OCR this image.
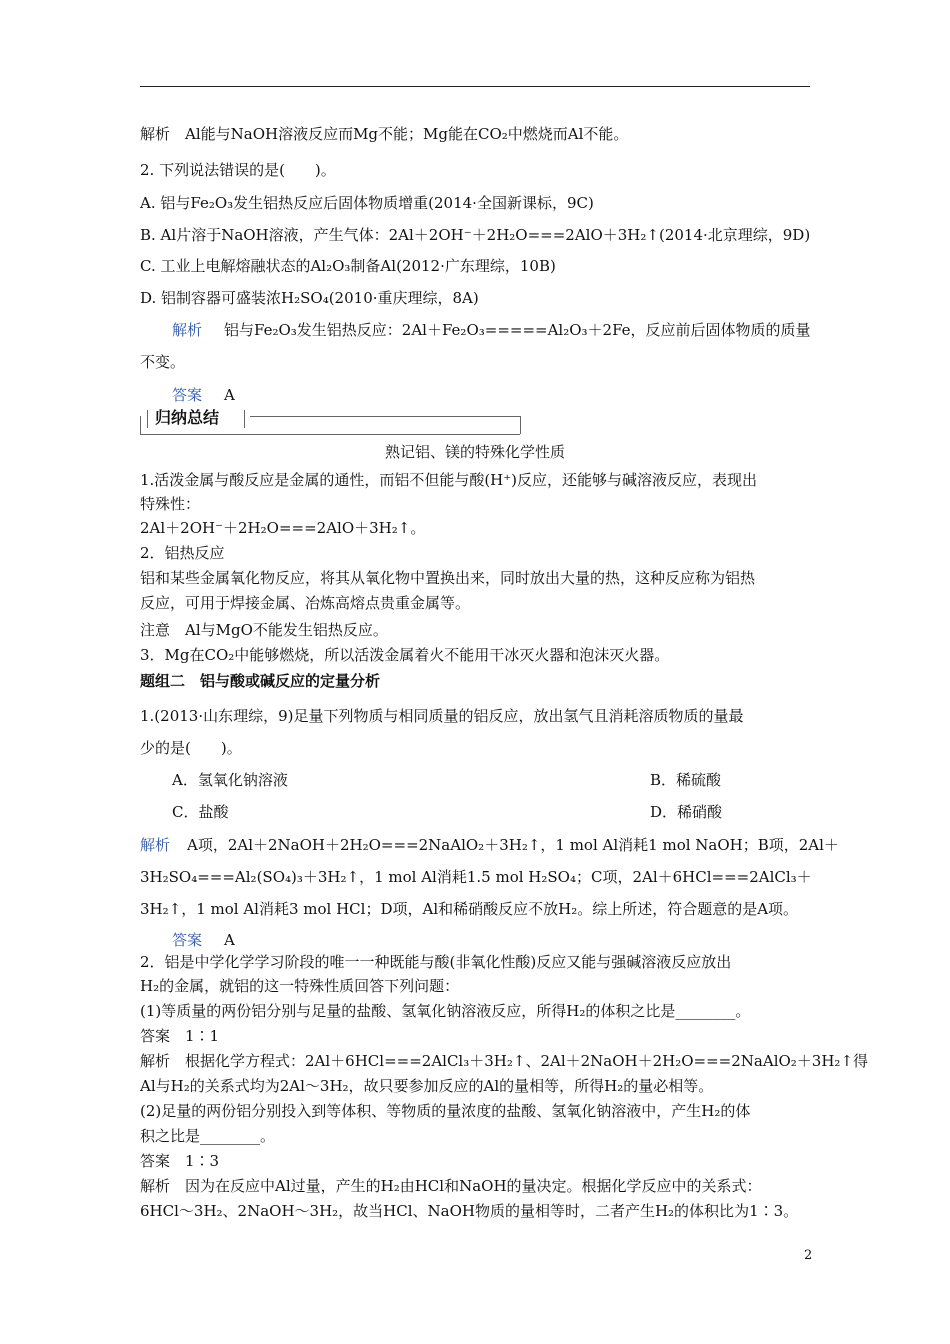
解析　Al能与NaOH溶液反应而Mg不能；Mg能在CO₂中燃烧而Al不能。
2. 下列说法错误的是(　　)。
A. 铝与Fe₂O₃发生铝热反应后固体物质增重(2014·全国新课标，9C)
B. Al片溶于NaOH溶液，产生气体：2Al＋2OH⁻＋2H₂O===2AlO＋3H₂↑(2014·北京理综，9D)
C. 工业上电解熔融状态的Al₂O₃制备Al(2012·广东理综，10B)
D. 铝制容器可盛装浓H₂SO₄(2010·重庆理综，8A)
解析 铝与Fe₂O₃发生铝热反应：2Al＋Fe₂O₃=====Al₂O₃＋2Fe，反应前后固体物质的质量
不变。
答案 A
归纳总结
熟记铝、镁的特殊化学性质
1.活泼金属与酸反应是金属的通性，而铝不但能与酸(H⁺)反应，还能够与碱溶液反应，表现出
特殊性：
2Al＋2OH⁻＋2H₂O===2AlO＋3H₂↑。
2．铝热反应
铝和某些金属氧化物反应，将其从氧化物中置换出来，同时放出大量的热，这种反应称为铝热
反应，可用于焊接金属、冶炼高熔点贵重金属等。
注意　Al与MgO不能发生铝热反应。
3．Mg在CO₂中能够燃烧，所以活泼金属着火不能用干冰灭火器和泡沫灭火器。
题组二　铝与酸或碱反应的定量分析
1.(2013·山东理综，9)足量下列物质与相同质量的铝反应，放出氢气且消耗溶质物质的量最
少的是(　　)。
A．氢氧化钠溶液	B．稀硫酸
C．盐酸	D．稀硝酸
解析 　A项，2Al＋2NaOH＋2H₂O===2NaAlO₂＋3H₂↑，1 mol Al消耗1 mol NaOH；B项，2Al＋
3H₂SO₄===Al₂(SO₄)₃＋3H₂↑，1 mol Al消耗1.5 mol H₂SO₄；C项，2Al＋6HCl===2AlCl₃＋
3H₂↑，1 mol Al消耗3 mol HCl；D项，Al和稀硝酸反应不放H₂。综上所述，符合题意的是A项。
答案 A
2．铝是中学化学学习阶段的唯一一种既能与酸(非氧化性酸)反应又能与强碱溶液反应放出
H₂的金属，就铝的这一特殊性质回答下列问题：
(1)等质量的两份铝分别与足量的盐酸、氢氧化钠溶液反应，所得H₂的体积之比是________。
答案　1∶1
解析　根据化学方程式：2Al＋6HCl===2AlCl₃＋3H₂↑、2Al＋2NaOH＋2H₂O===2NaAlO₂＋3H₂↑得
Al与H₂的关系式均为2Al～3H₂，故只要参加反应的Al的量相等，所得H₂的量必相等。
(2)足量的两份铝分别投入到等体积、等物质的量浓度的盐酸、氢氧化钠溶液中，产生H₂的体
积之比是________。
答案　1∶3
解析　因为在反应中Al过量，产生的H₂由HCl和NaOH的量决定。根据化学反应中的关系式：
6HCl～3H₂、2NaOH～3H₂，故当HCl、NaOH物质的量相等时，二者产生H₂的体积比为1∶3。
2
